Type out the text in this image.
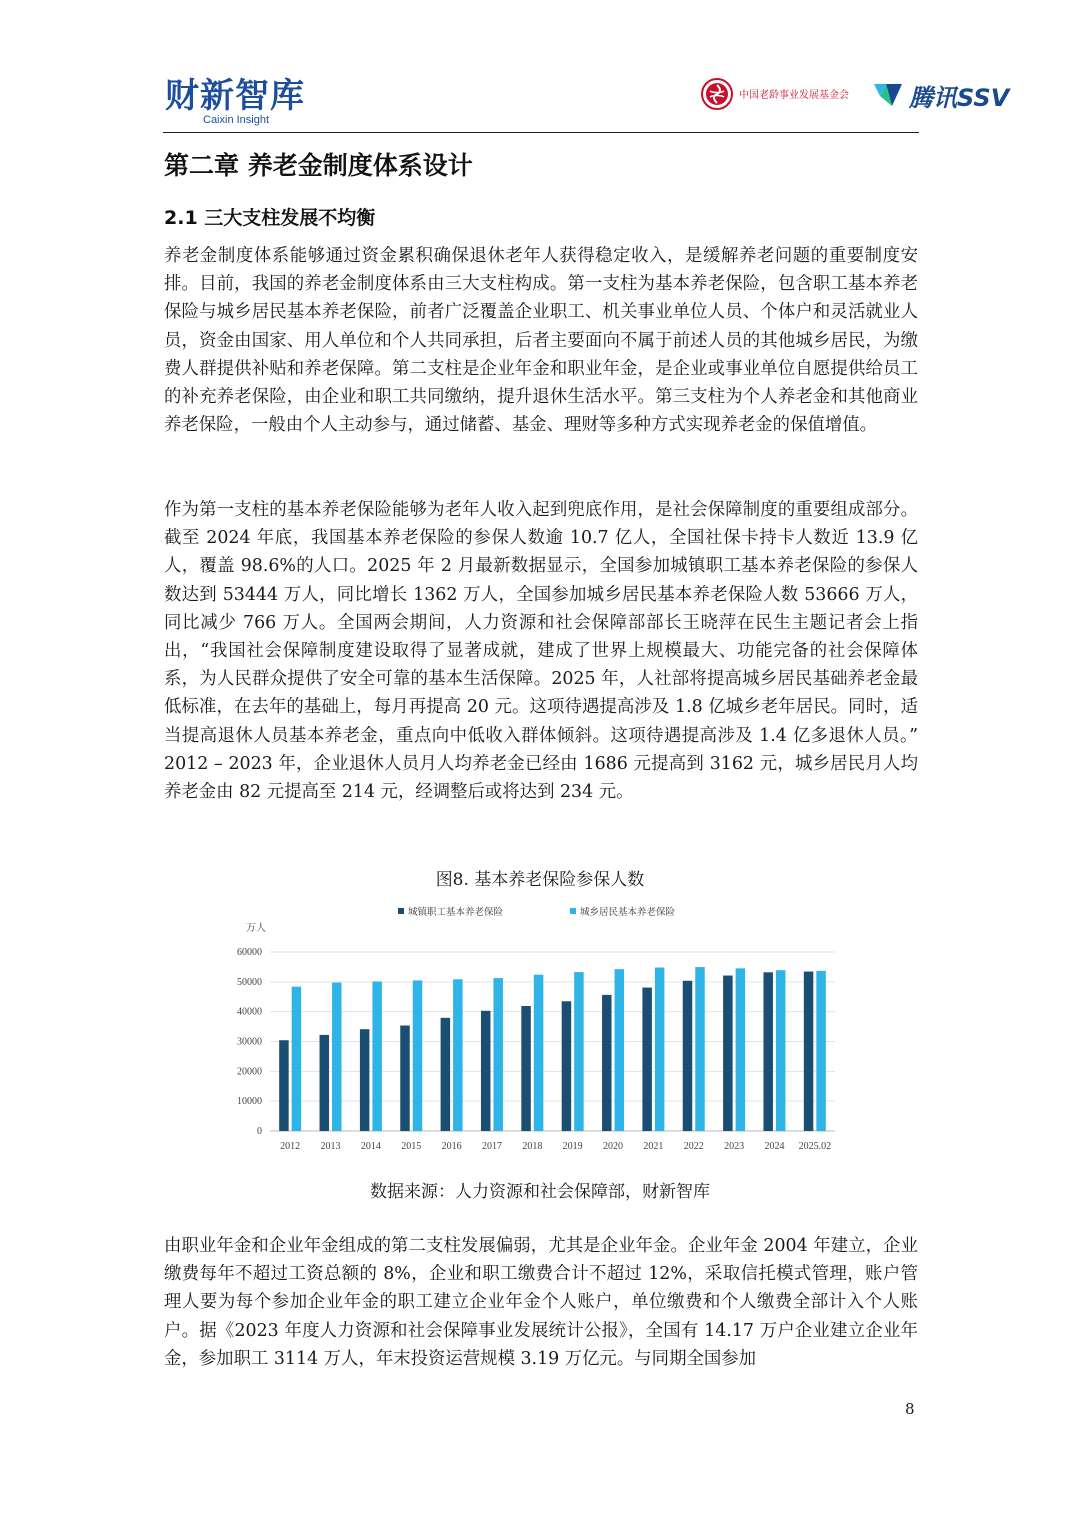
财新智库
Caixin Insight
中国老龄事业发展基金会	腾讯SSV
第二章 养老金制度体系设计
2.1 三大支柱发展不均衡

养老金制度体系能够通过资金累积确保退休老年人获得稳定收入，是缓解养老问题的重要制度安排。目前，我国的养老金制度体系由三大支柱构成。第一支柱为基本养老保险，包含职工基本养老保险与城乡居民基本养老保险，前者广泛覆盖企业职工、机关事业单位人员、个体户和灵活就业人员，资金由国家、用人单位和个人共同承担，后者主要面向不属于前述人员的其他城乡居民，为缴费人群提供补贴和养老保障。第二支柱是企业年金和职业年金，是企业或事业单位自愿提供给员工的补充养老保险，由企业和职工共同缴纳，提升退休生活水平。第三支柱为个人养老金和其他商业养老保险，一般由个人主动参与，通过储蓄、基金、理财等多种方式实现养老金的保值增值。

作为第一支柱的基本养老保险能够为老年人收入起到兜底作用，是社会保障制度的重要组成部分。截至 2024 年底，我国基本养老保险的参保人数逾 10.7 亿人，全国社保卡持卡人数近 13.9 亿人，覆盖 98.6%的人口。2025 年 2 月最新数据显示，全国参加城镇职工基本养老保险的参保人数达到 53444 万人，同比增长 1362 万人，全国参加城乡居民基本养老保险人数 53666 万人，同比减少 766 万人。全国两会期间，人力资源和社会保障部部长王晓萍在民生主题记者会上指出，“我国社会保障制度建设取得了显著成就，建成了世界上规模最大、功能完备的社会保障体系，为人民群众提供了安全可靠的基本生活保障。2025 年，人社部将提高城乡居民基础养老金最低标准，在去年的基础上，每月再提高 20 元。这项待遇提高涉及 1.8 亿城乡老年居民。同时，适当提高退休人员基本养老金，重点向中低收入群体倾斜。这项待遇提高涉及 1.4 亿多退休人员。” 2012 – 2023 年，企业退休人员月人均养老金已经由 1686 元提高到 3162 元，城乡居民月人均养老金由 82 元提高至 214 元，经调整后或将达到 234 元。

图8. 基本养老保险参保人数
0
10000
20000
30000
40000
50000
60000
万人
城镇职工基本养老保险	城乡居民基本养老保险
2012 2013 2014 2015 2016 2017 2018 2019 2020 2021 2022 2023 2024 2025.02
数据来源：人力资源和社会保障部，财新智库

由职业年金和企业年金组成的第二支柱发展偏弱，尤其是企业年金。企业年金 2004 年建立，企业缴费每年不超过工资总额的 8%，企业和职工缴费合计不超过 12%，采取信托模式管理，账户管理人要为每个参加企业年金的职工建立企业年金个人账户，单位缴费和个人缴费全部计入个人账户。据《2023 年度人力资源和社会保障事业发展统计公报》，全国有 14.17 万户企业建立企业年金，参加职工 3114 万人，年末投资运营规模 3.19 万亿元。与同期全国参加

8
